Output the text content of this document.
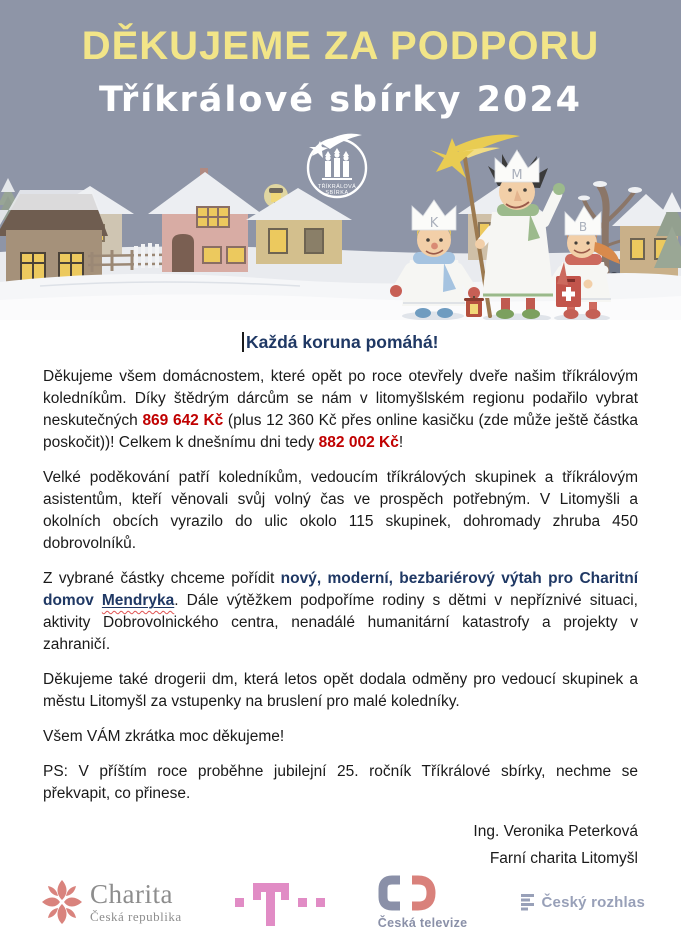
TŘÍKRÁLOVÁ
SBÍRKA
K
M
B
DĚKUJEME ZA PODPORU
Tříkrálové sbírky 2024
Každá koruna pomáhá!

Děkujeme všem domácnostem, které opět po roce otevřely dveře našim tříkrálovým koledníkům. Díky štědrým dárcům se nám v litomyšlském regionu podařilo vybrat neskutečných 869 642 Kč (plus 12 360 Kč přes online kasičku (zde může ještě částka poskočit))! Celkem k dnešnímu dni tedy 882 002 Kč!

Velké poděkování patří koledníkům, vedoucím tříkrálových skupinek a tříkrálovým asistentům, kteří věnovali svůj volný čas ve prospěch potřebným. V Litomyšli a okolních obcích vyrazilo do ulic okolo 115 skupinek, dohromady zhruba 450 dobrovolníků.

Z vybrané částky chceme pořídit nový, moderní, bezbariérový výtah pro Charitní domov Mendryka. Dále výtěžkem podpoříme rodiny s dětmi v nepříznivé situaci, aktivity Dobrovolnického centra, nenadálé humanitární katastrofy a projekty v zahraničí.

Děkujeme také drogerii dm, která letos opět dodala odměny pro vedoucí skupinek a městu Litomyšl za vstupenky na bruslení pro malé koledníky.

Všem VÁM zkrátka moc děkujeme!

PS: V příštím roce proběhne jubilejní 25. ročník Tříkrálové sbírky, nechme se překvapit, co přinese.

Ing. Veronika Peterková
Farní charita Litomyšl
Charita
Česká republika	Česká televize
Český rozhlas
